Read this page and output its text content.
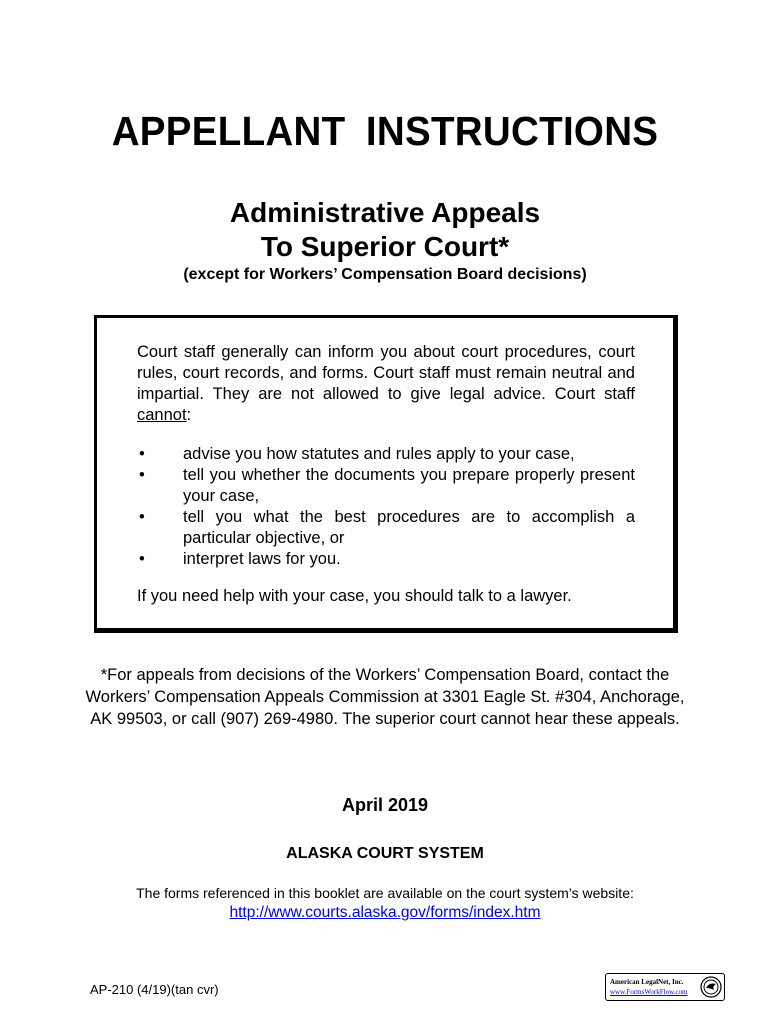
APPELLANT INSTRUCTIONS
Administrative Appeals
To Superior Court*
(except for Workers’ Compensation Board decisions)

Court staff generally can inform you about court procedures, court rules, court records, and forms. Court staff must remain neutral and impartial. They are not allowed to give legal advice. Court staff cannot:

• advise you how statutes and rules apply to your case,
• tell you whether the documents you prepare properly present your case,
• tell you what the best procedures are to accomplish a particular objective, or
• interpret laws for you.

If you need help with your case, you should talk to a lawyer.

*For appeals from decisions of the Workers’ Compensation Board, contact the Workers’ Compensation Appeals Commission at 3301 Eagle St. #304, Anchorage, AK 99503, or call (907) 269-4980. The superior court cannot hear these appeals.
April 2019
ALASKA COURT SYSTEM
The forms referenced in this booklet are available on the court system’s website:
http://www.courts.alaska.gov/forms/index.htm
AP-210 (4/19)(tan cvr)	American LegalNet, Inc.
www.FormsWorkFlow.com
